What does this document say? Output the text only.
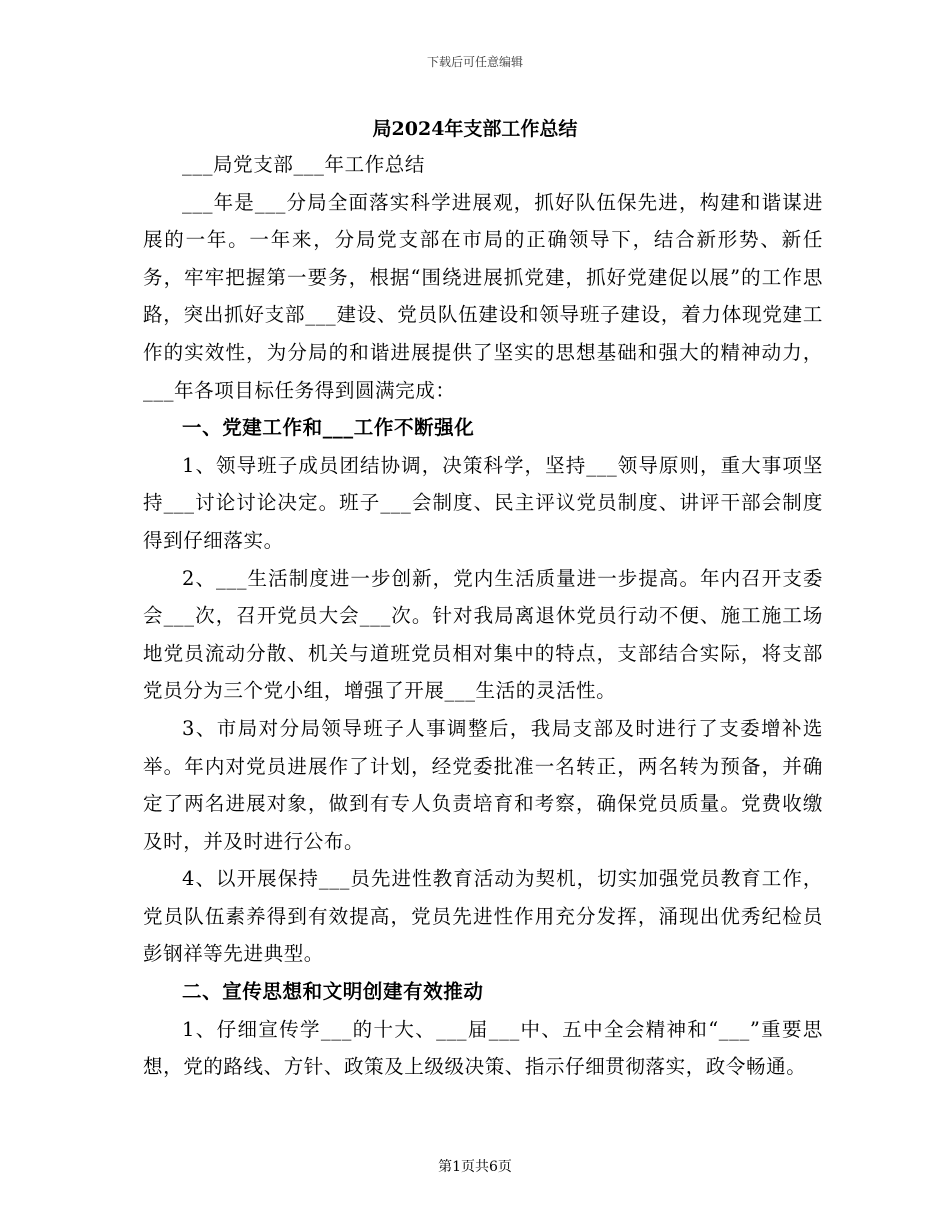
下载后可任意编辑
局2024年支部工作总结

___局党支部___年工作总结

___年是___分局全面落实科学进展观，抓好队伍保先进，构建和谐谋进展的一年。一年来，分局党支部在市局的正确领导下，结合新形势、新任务，牢牢把握第一要务，根据“围绕进展抓党建，抓好党建促以展”的工作思路，突出抓好支部___建设、党员队伍建设和领导班子建设，着力体现党建工作的实效性，为分局的和谐进展提供了坚实的思想基础和强大的精神动力，___年各项目标任务得到圆满完成：

一、党建工作和___工作不断强化

1、领导班子成员团结协调，决策科学，坚持___领导原则，重大事项坚持___讨论讨论决定。班子___会制度、民主评议党员制度、讲评干部会制度得到仔细落实。

2、___生活制度进一步创新，党内生活质量进一步提高。年内召开支委会___次，召开党员大会___次。针对我局离退休党员行动不便、施工施工场地党员流动分散、机关与道班党员相对集中的特点，支部结合实际，将支部党员分为三个党小组，增强了开展___生活的灵活性。

3、市局对分局领导班子人事调整后，我局支部及时进行了支委增补选举。年内对党员进展作了计划，经党委批准一名转正，两名转为预备，并确定了两名进展对象，做到有专人负责培育和考察，确保党员质量。党费收缴及时，并及时进行公布。

4、以开展保持___员先进性教育活动为契机，切实加强党员教育工作，党员队伍素养得到有效提高，党员先进性作用充分发挥，涌现出优秀纪检员彭钢祥等先进典型。

二、宣传思想和文明创建有效推动

1、仔细宣传学___的十大、___届___中、五中全会精神和“___”重要思想，党的路线、方针、政策及上级级决策、指示仔细贯彻落实，政令畅通。

第1页共6页
